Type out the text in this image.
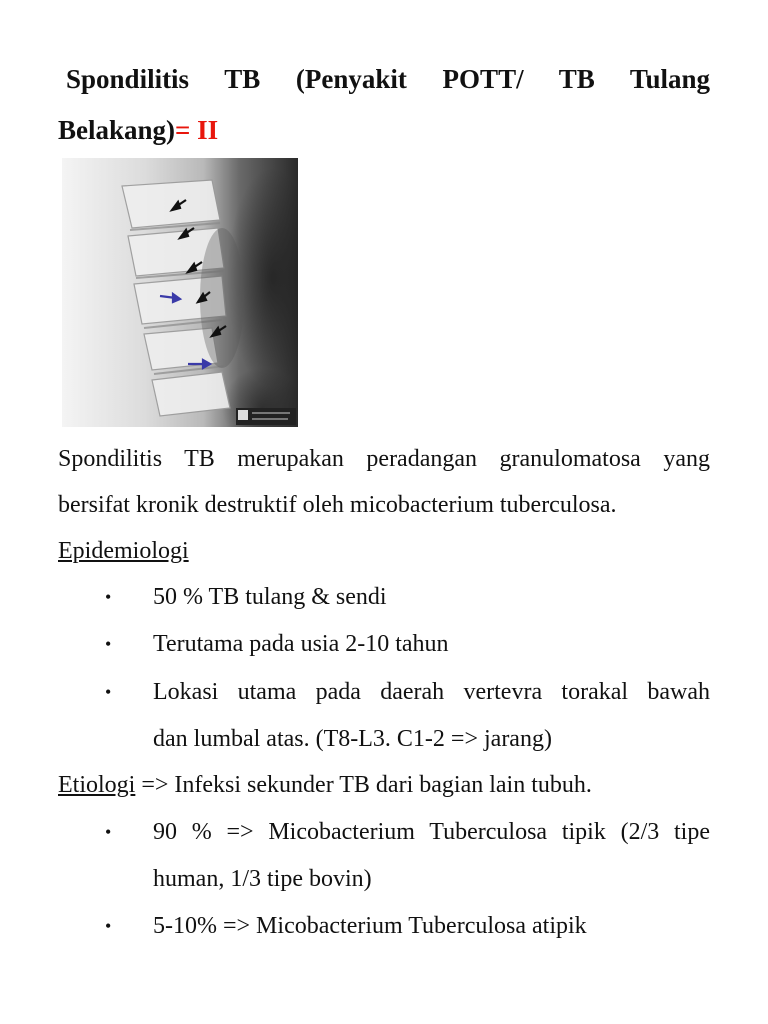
Spondilitis TB (Penyakit POTT/ TB Tulang
Belakang)= II

Spondilitis TB merupakan peradangan granulomatosa yang
bersifat kronik destruktif oleh micobacterium tuberculosa.

Epidemiologi

• 50 % TB tulang & sendi
• Terutama pada usia 2-10 tahun
• Lokasi utama pada daerah vertevra torakal bawah
dan lumbal atas. (T8-L3. C1-2 => jarang)

Etiologi => Infeksi sekunder TB dari bagian lain tubuh.

• 90 % => Micobacterium Tuberculosa tipik (2/3 tipe
human, 1/3 tipe bovin)
• 5-10% => Micobacterium Tuberculosa atipik
